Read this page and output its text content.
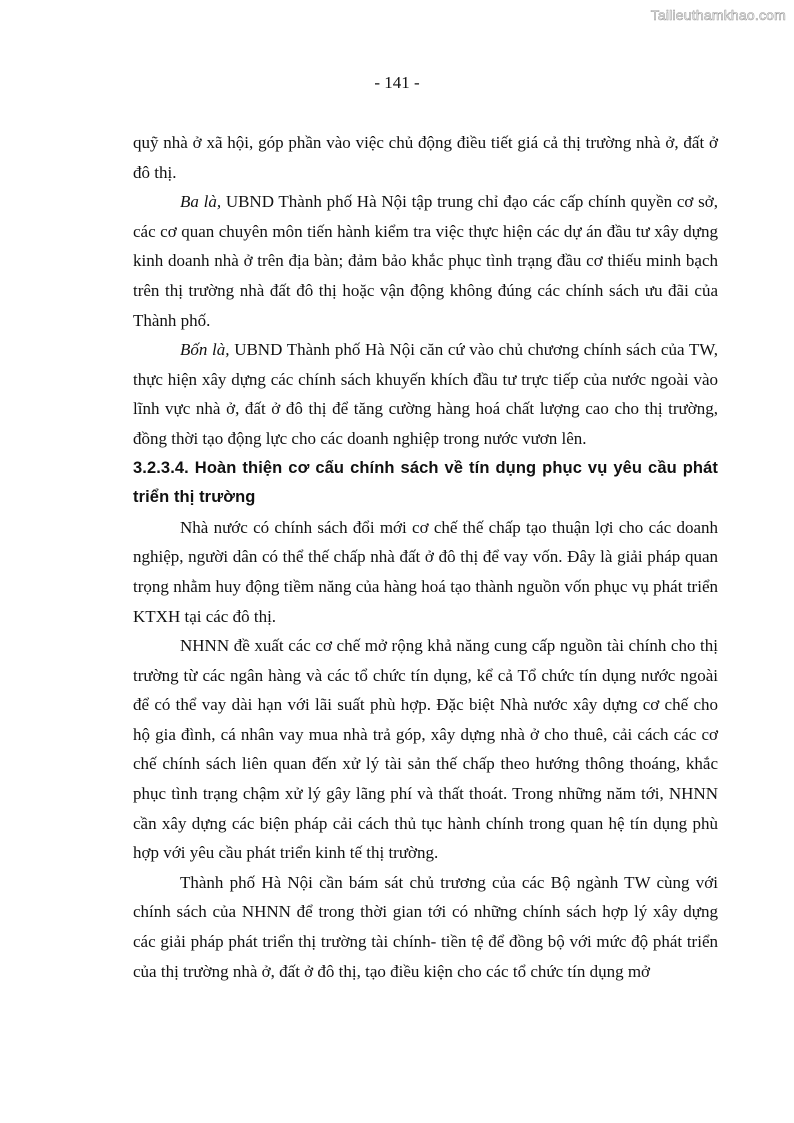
Tailieuthamkhao.com
- 141 -

quỹ nhà ở xã hội, góp phần vào việc chủ động điều tiết giá cả thị trường nhà ở, đất ở đô thị.

Ba là, UBND Thành phố Hà Nội tập trung chỉ đạo các cấp chính quyền cơ sở, các cơ quan chuyên môn tiến hành kiểm tra việc thực hiện các dự án đầu tư xây dựng kinh doanh nhà ở trên địa bàn; đảm bảo khắc phục tình trạng đầu cơ thiếu minh bạch trên thị trường nhà đất đô thị hoặc vận động không đúng các chính sách ưu đãi của Thành phố.

Bốn là, UBND Thành phố Hà Nội căn cứ vào chủ chương chính sách của TW, thực hiện xây dựng các chính sách khuyến khích đầu tư trực tiếp của nước ngoài vào lĩnh vực nhà ở, đất ở đô thị để tăng cường hàng hoá chất lượng cao cho thị trường, đồng thời tạo động lực cho các doanh nghiệp trong nước vươn lên.

3.2.3.4. Hoàn thiện cơ cấu chính sách về tín dụng phục vụ yêu cầu phát triển thị trường

Nhà nước có chính sách đổi mới cơ chế thế chấp tạo thuận lợi cho các doanh nghiệp, người dân có thể thế chấp nhà đất ở đô thị để vay vốn. Đây là giải pháp quan trọng nhằm huy động tiềm năng của hàng hoá tạo thành nguồn vốn phục vụ phát triển KTXH tại các đô thị.

NHNN đề xuất các cơ chế mở rộng khả năng cung cấp nguồn tài chính cho thị trường từ các ngân hàng và các tổ chức tín dụng, kể cả Tổ chức tín dụng nước ngoài để có thể vay dài hạn với lãi suất phù hợp. Đặc biệt Nhà nước xây dựng cơ chế cho hộ gia đình, cá nhân vay mua nhà trả góp, xây dựng nhà ở cho thuê, cải cách các cơ chế chính sách liên quan đến xử lý tài sản thế chấp theo hướng thông thoáng, khắc phục tình trạng chậm xử lý gây lãng phí và thất thoát. Trong những năm tới, NHNN cần xây dựng các biện pháp cải cách thủ tục hành chính trong quan hệ tín dụng phù hợp với yêu cầu phát triển kinh tế thị trường.

Thành phố Hà Nội cần bám sát chủ trương của các Bộ ngành TW cùng với chính sách của NHNN để trong thời gian tới có những chính sách hợp lý xây dựng các giải pháp phát triển thị trường tài chính- tiền tệ để đồng bộ với mức độ phát triển của thị trường nhà ở, đất ở đô thị, tạo điều kiện cho các tổ chức tín dụng mở
